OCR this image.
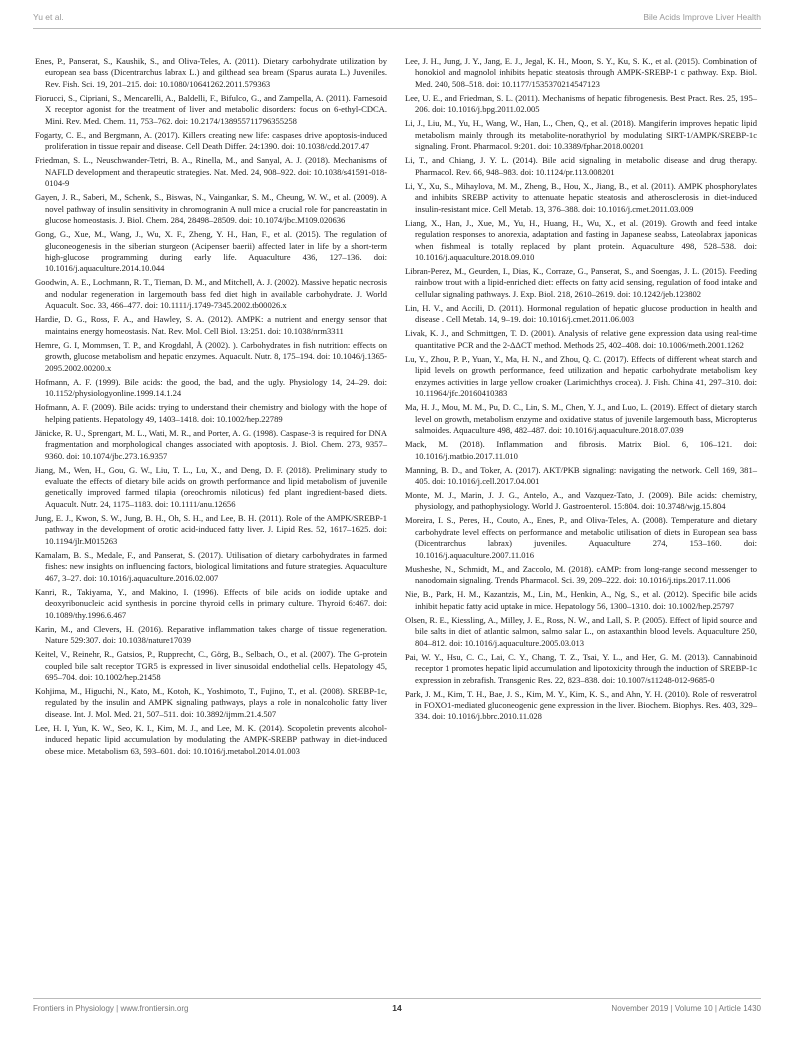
Yu et al.	Bile Acids Improve Liver Health

Enes, P., Panserat, S., Kaushik, S., and Oliva-Teles, A. (2011). Dietary carbohydrate utilization by european sea bass (Dicentrarchus labrax L.) and gilthead sea bream (Sparus aurata L.) Juveniles. Rev. Fish. Sci. 19, 201–215. doi: 10.1080/10641262.2011.579363

Fiorucci, S., Cipriani, S., Mencarelli, A., Baldelli, F., Bifulco, G., and Zampella, A. (2011). Farnesoid X receptor agonist for the treatment of liver and metabolic disorders: focus on 6-ethyl-CDCA. Mini. Rev. Med. Chem. 11, 753–762. doi: 10.2174/138955711796355258

Fogarty, C. E., and Bergmann, A. (2017). Killers creating new life: caspases drive apoptosis-induced proliferation in tissue repair and disease. Cell Death Differ. 24:1390. doi: 10.1038/cdd.2017.47

Friedman, S. L., Neuschwander-Tetri, B. A., Rinella, M., and Sanyal, A. J. (2018). Mechanisms of NAFLD development and therapeutic strategies. Nat. Med. 24, 908–922. doi: 10.1038/s41591-018-0104-9

Gayen, J. R., Saberi, M., Schenk, S., Biswas, N., Vaingankar, S. M., Cheung, W. W., et al. (2009). A novel pathway of insulin sensitivity in chromogranin A null mice a crucial role for pancreastatin in glucose homeostasis. J. Biol. Chem. 284, 28498–28509. doi: 10.1074/jbc.M109.020636

Gong, G., Xue, M., Wang, J., Wu, X. F., Zheng, Y. H., Han, F., et al. (2015). The regulation of gluconeogenesis in the siberian sturgeon (Acipenser baerii) affected later in life by a short-term high-glucose programming during early life. Aquaculture 436, 127–136. doi: 10.1016/j.aquaculture.2014.10.044

Goodwin, A. E., Lochmann, R. T., Tieman, D. M., and Mitchell, A. J. (2002). Massive hepatic necrosis and nodular regeneration in largemouth bass fed diet high in available carbohydrate. J. World Aquacult. Soc. 33, 466–477. doi: 10.1111/j.1749-7345.2002.tb00026.x

Hardie, D. G., Ross, F. A., and Hawley, S. A. (2012). AMPK: a nutrient and energy sensor that maintains energy homeostasis. Nat. Rev. Mol. Cell Biol. 13:251. doi: 10.1038/nrm3311

Hemre, G. I, Mommsen, T. P., and Krogdahl, Å (2002). ). Carbohydrates in fish nutrition: effects on growth, glucose metabolism and hepatic enzymes. Aquacult. Nutr. 8, 175–194. doi: 10.1046/j.1365-2095.2002.00200.x

Hofmann, A. F. (1999). Bile acids: the good, the bad, and the ugly. Physiology 14, 24–29. doi: 10.1152/physiologyonline.1999.14.1.24

Hofmann, A. F. (2009). Bile acids: trying to understand their chemistry and biology with the hope of helping patients. Hepatology 49, 1403–1418. doi: 10.1002/hep.22789

Jänicke, R. U., Sprengart, M. L., Wati, M. R., and Porter, A. G. (1998). Caspase-3 is required for DNA fragmentation and morphological changes associated with apoptosis. J. Biol. Chem. 273, 9357–9360. doi: 10.1074/jbc.273.16.9357

Jiang, M., Wen, H., Gou, G. W., Liu, T. L., Lu, X., and Deng, D. F. (2018). Preliminary study to evaluate the effects of dietary bile acids on growth performance and lipid metabolism of juvenile genetically improved farmed tilapia (oreochromis niloticus) fed plant ingredient-based diets. Aquacult. Nutr. 24, 1175–1183. doi: 10.1111/anu.12656

Jung, E. J., Kwon, S. W., Jung, B. H., Oh, S. H., and Lee, B. H. (2011). Role of the AMPK/SREBP-1 pathway in the development of orotic acid-induced fatty liver. J. Lipid Res. 52, 1617–1625. doi: 10.1194/jlr.M015263

Kamalam, B. S., Medale, F., and Panserat, S. (2017). Utilisation of dietary carbohydrates in farmed fishes: new insights on influencing factors, biological limitations and future strategies. Aquaculture 467, 3–27. doi: 10.1016/j.aquaculture.2016.02.007

Kanri, R., Takiyama, Y., and Makino, I. (1996). Effects of bile acids on iodide uptake and deoxyribonucleic acid synthesis in porcine thyroid cells in primary culture. Thyroid 6:467. doi: 10.1089/thy.1996.6.467

Karin, M., and Clevers, H. (2016). Reparative inflammation takes charge of tissue regeneration. Nature 529:307. doi: 10.1038/nature17039

Keitel, V., Reinehr, R., Gatsios, P., Rupprecht, C., Görg, B., Selbach, O., et al. (2007). The G-protein coupled bile salt receptor TGR5 is expressed in liver sinusoidal endothelial cells. Hepatology 45, 695–704. doi: 10.1002/hep.21458

Kohjima, M., Higuchi, N., Kato, M., Kotoh, K., Yoshimoto, T., Fujino, T., et al. (2008). SREBP-1c, regulated by the insulin and AMPK signaling pathways, plays a role in nonalcoholic fatty liver disease. Int. J. Mol. Med. 21, 507–511. doi: 10.3892/ijmm.21.4.507

Lee, H. I, Yun, K. W., Seo, K. I., Kim, M. J., and Lee, M. K. (2014). Scopoletin prevents alcohol-induced hepatic lipid accumulation by modulating the AMPK-SREBP pathway in diet-induced obese mice. Metabolism 63, 593–601. doi: 10.1016/j.metabol.2014.01.003

Lee, J. H., Jung, J. Y., Jang, E. J., Jegal, K. H., Moon, S. Y., Ku, S. K., et al. (2015). Combination of honokiol and magnolol inhibits hepatic steatosis through AMPK-SREBP-1 c pathway. Exp. Biol. Med. 240, 508–518. doi: 10.1177/1535370214547123

Lee, U. E., and Friedman, S. L. (2011). Mechanisms of hepatic fibrogenesis. Best Pract. Res. 25, 195–206. doi: 10.1016/j.bpg.2011.02.005

Li, J., Liu, M., Yu, H., Wang, W., Han, L., Chen, Q., et al. (2018). Mangiferin improves hepatic lipid metabolism mainly through its metabolite-norathyriol by modulating SIRT-1/AMPK/SREBP-1c signaling. Front. Pharmacol. 9:201. doi: 10.3389/fphar.2018.00201

Li, T., and Chiang, J. Y. L. (2014). Bile acid signaling in metabolic disease and drug therapy. Pharmacol. Rev. 66, 948–983. doi: 10.1124/pr.113.008201

Li, Y., Xu, S., Mihaylova, M. M., Zheng, B., Hou, X., Jiang, B., et al. (2011). AMPK phosphorylates and inhibits SREBP activity to attenuate hepatic steatosis and atherosclerosis in diet-induced insulin-resistant mice. Cell Metab. 13, 376–388. doi: 10.1016/j.cmet.2011.03.009

Liang, X., Han, J., Xue, M., Yu, H., Huang, H., Wu, X., et al. (2019). Growth and feed intake regulation responses to anorexia, adaptation and fasting in Japanese seabss, Lateolabrax japonicas when fishmeal is totally replaced by plant protein. Aquaculture 498, 528–538. doi: 10.1016/j.aquaculture.2018.09.010

Libran-Perez, M., Geurden, I., Dias, K., Corraze, G., Panserat, S., and Soengas, J. L. (2015). Feeding rainbow trout with a lipid-enriched diet: effects on fatty acid sensing, regulation of food intake and cellular signaling pathways. J. Exp. Biol. 218, 2610–2619. doi: 10.1242/jeb.123802

Lin, H. V., and Accili, D. (2011). Hormonal regulation of hepatic glucose production in health and disease . Cell Metab. 14, 9–19. doi: 10.1016/j.cmet.2011.06.003

Livak, K. J., and Schmittgen, T. D. (2001). Analysis of relative gene expression data using real-time quantitative PCR and the 2-ΔΔCT method. Methods 25, 402–408. doi: 10.1006/meth.2001.1262

Lu, Y., Zhou, P. P., Yuan, Y., Ma, H. N., and Zhou, Q. C. (2017). Effects of different wheat starch and lipid levels on growth performance, feed utilization and hepatic carbohydrate metabolism key enzymes activities in large yellow croaker (Larimichthys crocea). J. Fish. China 41, 297–310. doi: 10.11964/jfc.20160410383

Ma, H. J., Mou, M. M., Pu, D. C., Lin, S. M., Chen, Y. J., and Luo, L. (2019). Effect of dietary starch level on growth, metabolism enzyme and oxidative status of juvenile largemouth bass, Micropterus salmoides. Aquaculture 498, 482–487. doi: 10.1016/j.aquaculture.2018.07.039

Mack, M. (2018). Inflammation and fibrosis. Matrix Biol. 6, 106–121. doi: 10.1016/j.matbio.2017.11.010

Manning, B. D., and Toker, A. (2017). AKT/PKB signaling: navigating the network. Cell 169, 381–405. doi: 10.1016/j.cell.2017.04.001

Monte, M. J., Marin, J. J. G., Antelo, A., and Vazquez-Tato, J. (2009). Bile acids: chemistry, physiology, and pathophysiology. World J. Gastroenterol. 15:804. doi: 10.3748/wjg.15.804

Moreira, I. S., Peres, H., Couto, A., Enes, P., and Oliva-Teles, A. (2008). Temperature and dietary carbohydrate level effects on performance and metabolic utilisation of diets in European sea bass (Dicentrarchus labrax) juveniles. Aquaculture 274, 153–160. doi: 10.1016/j.aquaculture.2007.11.016

Musheshe, N., Schmidt, M., and Zaccolo, M. (2018). cAMP: from long-range second messenger to nanodomain signaling. Trends Pharmacol. Sci. 39, 209–222. doi: 10.1016/j.tips.2017.11.006

Nie, B., Park, H. M., Kazantzis, M., Lin, M., Henkin, A., Ng, S., et al. (2012). Specific bile acids inhibit hepatic fatty acid uptake in mice. Hepatology 56, 1300–1310. doi: 10.1002/hep.25797

Olsen, R. E., Kiessling, A., Milley, J. E., Ross, N. W., and Lall, S. P. (2005). Effect of lipid source and bile salts in diet of atlantic salmon, salmo salar L., on astaxanthin blood levels. Aquaculture 250, 804–812. doi: 10.1016/j.aquaculture.2005.03.013

Pai, W. Y., Hsu, C. C., Lai, C. Y., Chang, T. Z., Tsai, Y. L., and Her, G. M. (2013). Cannabinoid receptor 1 promotes hepatic lipid accumulation and lipotoxicity through the induction of SREBP-1c expression in zebrafish. Transgenic Res. 22, 823–838. doi: 10.1007/s11248-012-9685-0

Park, J. M., Kim, T. H., Bae, J. S., Kim, M. Y., Kim, K. S., and Ahn, Y. H. (2010). Role of resveratrol in FOXO1-mediated gluconeogenic gene expression in the liver. Biochem. Biophys. Res. 403, 329–334. doi: 10.1016/j.bbrc.2010.11.028

Frontiers in Physiology | www.frontiersin.org	14	November 2019 | Volume 10 | Article 1430
